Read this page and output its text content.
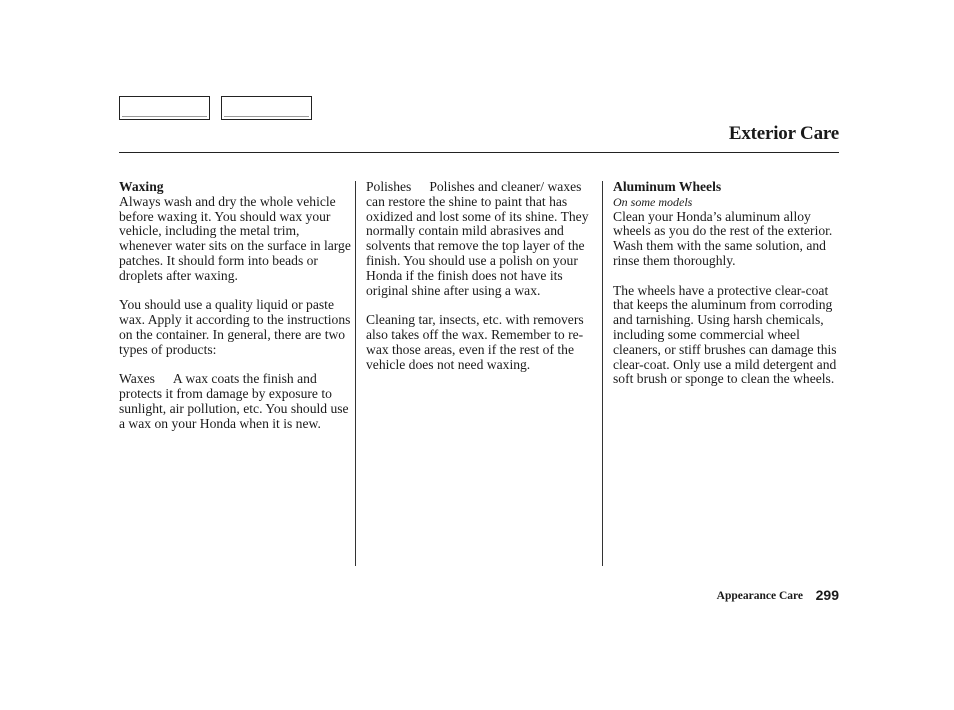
Exterior Care
Waxing

Always wash and dry the whole vehicle before waxing it. You should wax your vehicle, including the metal trim, whenever water sits on the surface in large patches. It should form into beads or droplets after waxing.

You should use a quality liquid or paste wax. Apply it according to the instructions on the container. In general, there are two types of products:

Waxes A wax coats the finish and protects it from damage by exposure to sunlight, air pollution, etc. You should use a wax on your Honda when it is new.

Polishes Polishes and cleaner/ waxes can restore the shine to paint that has oxidized and lost some of its shine. They normally contain mild abrasives and solvents that remove the top layer of the finish. You should use a polish on your Honda if the finish does not have its original shine after using a wax.

Cleaning tar, insects, etc. with removers also takes off the wax. Remember to re-wax those areas, even if the rest of the vehicle does not need waxing.

Aluminum Wheels
On some models

Clean your Honda’s aluminum alloy wheels as you do the rest of the exterior. Wash them with the same solution, and rinse them thoroughly.

The wheels have a protective clear-coat that keeps the aluminum from corroding and tarnishing. Using harsh chemicals, including some commercial wheel cleaners, or stiff brushes can damage this clear-coat. Only use a mild detergent and soft brush or sponge to clean the wheels.

Appearance Care 299
